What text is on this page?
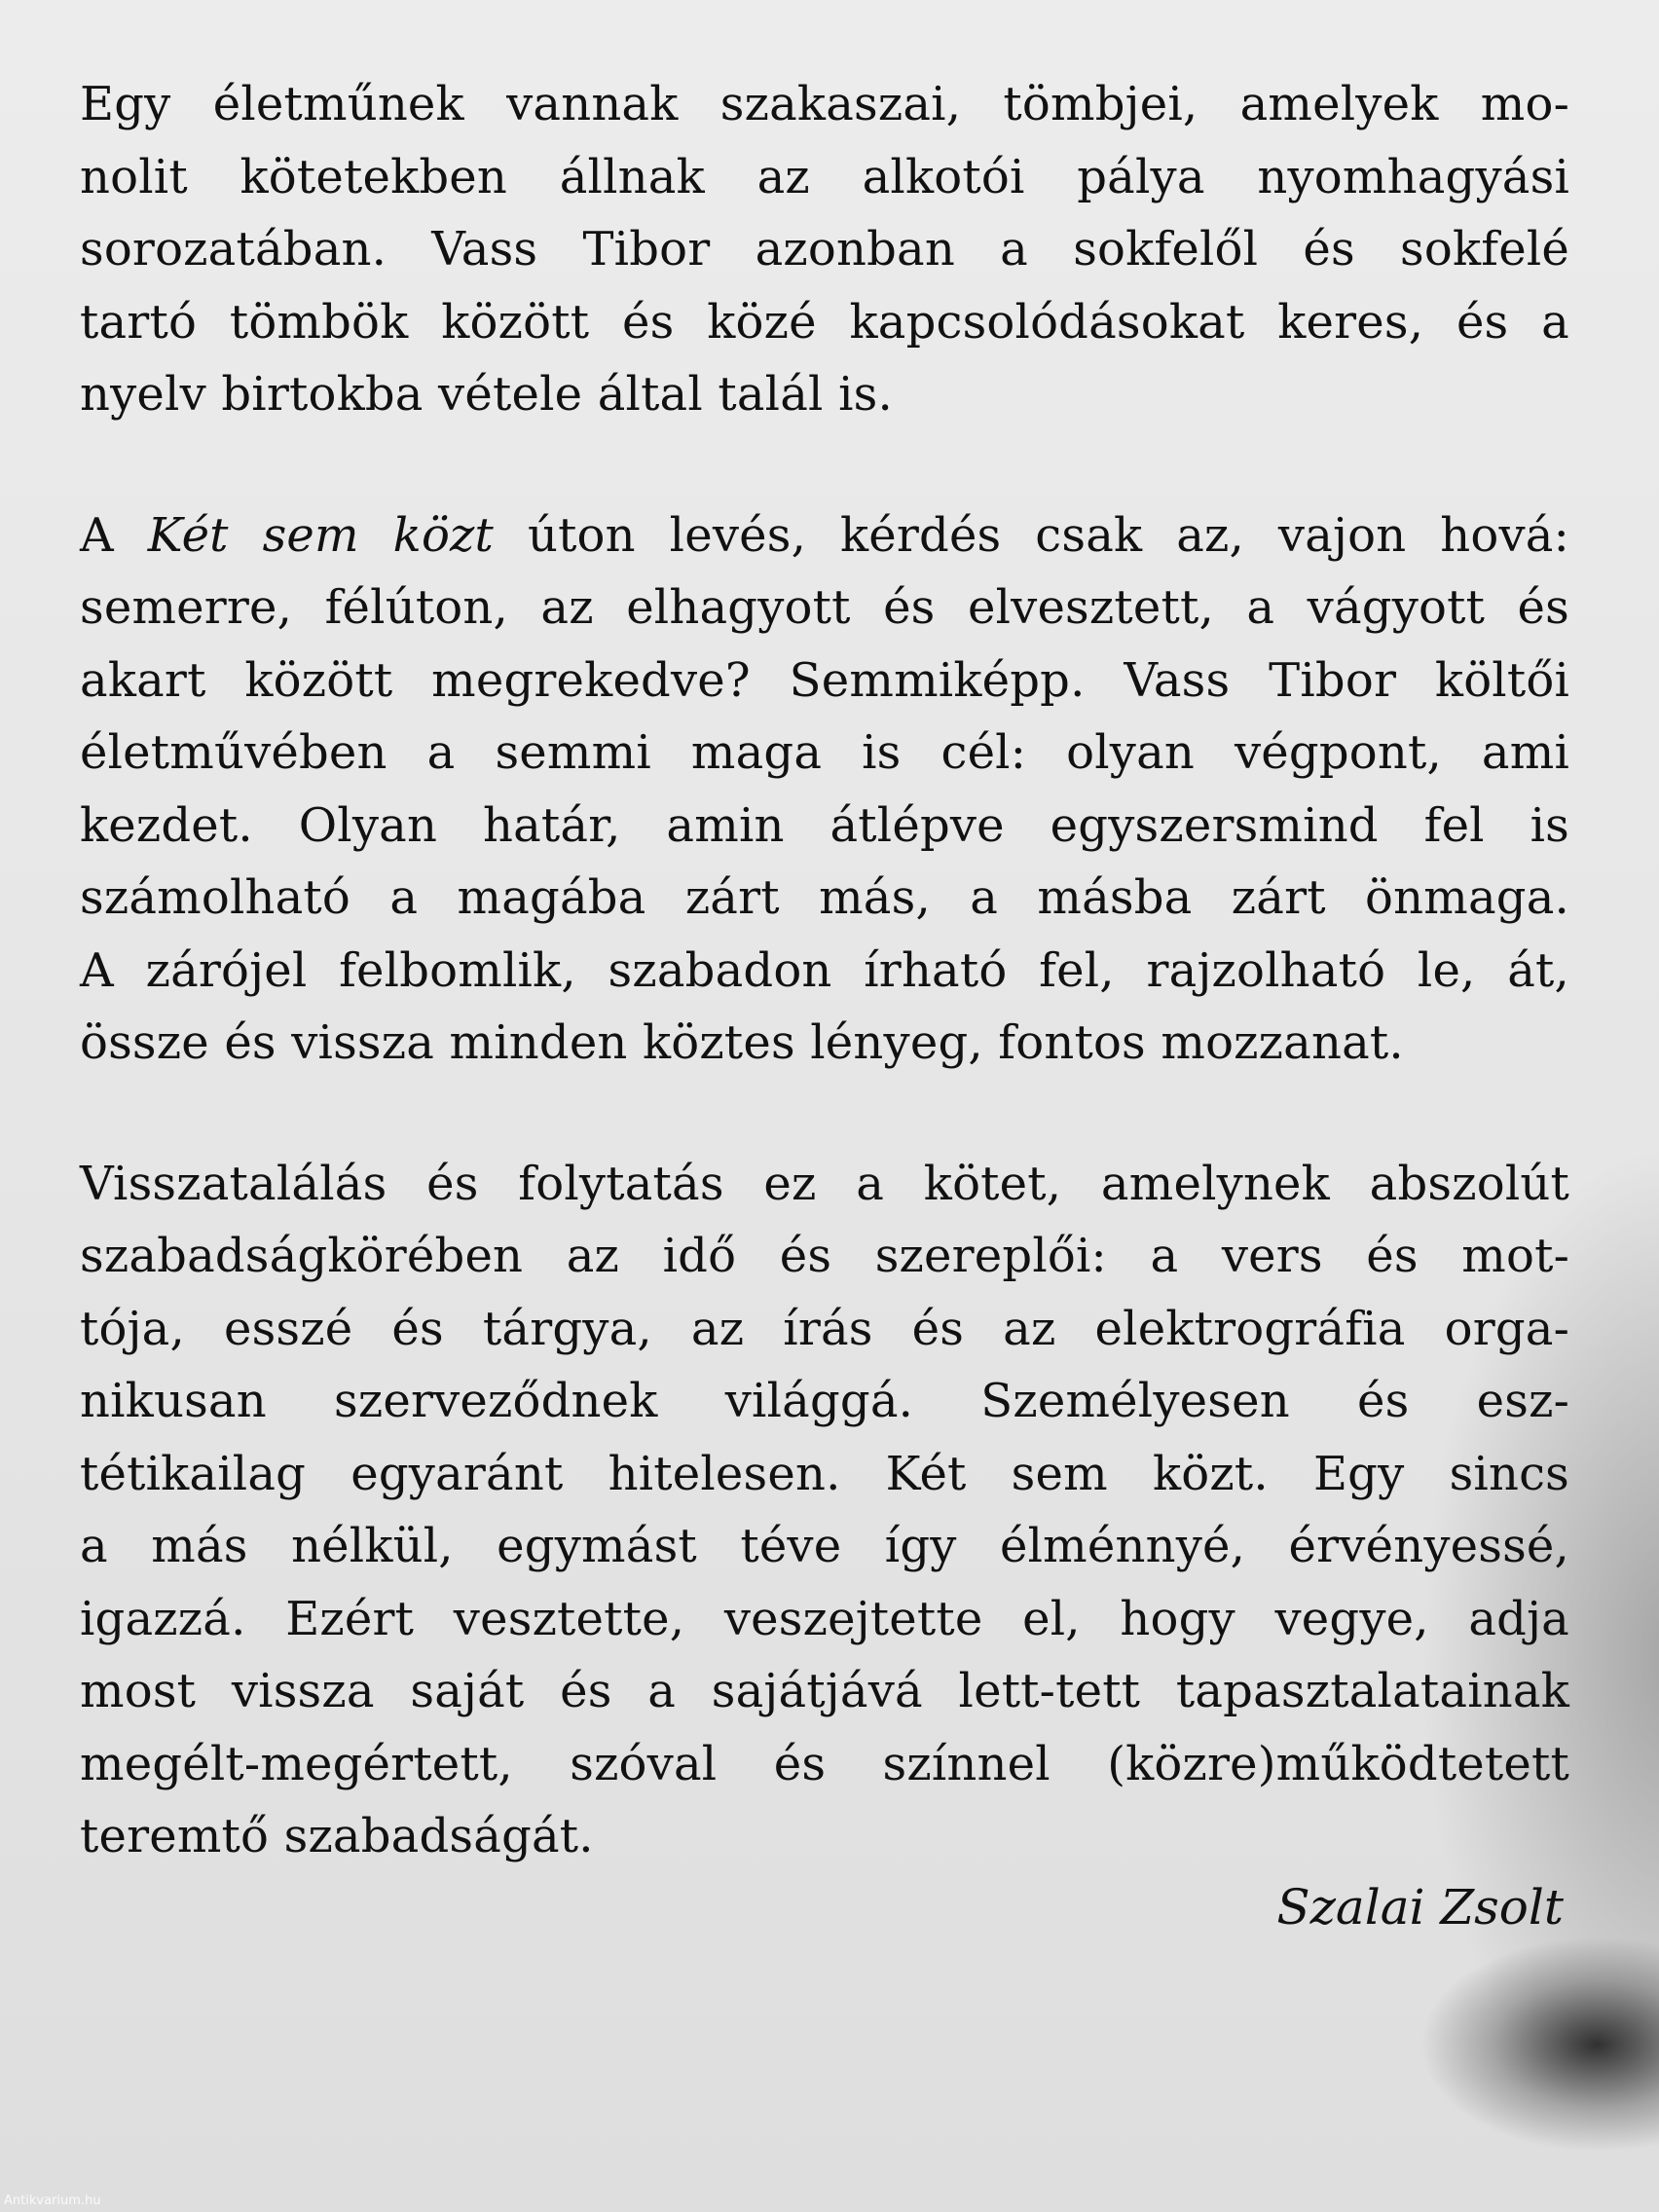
Egy életműnek vannak szakaszai, tömbjei, amelyek mo-
nolit kötetekben állnak az alkotói pálya nyomhagyási
sorozatában. Vass Tibor azonban a sokfelől és sokfelé
tartó tömbök között és közé kapcsolódásokat keres, és a
nyelv birtokba vétele által talál is.
A Két sem közt úton levés, kérdés csak az, vajon hová:
semerre, félúton, az elhagyott és elvesztett, a vágyott és
akart között megrekedve? Semmiképp. Vass Tibor költői
életművében a semmi maga is cél: olyan végpont, ami
kezdet. Olyan határ, amin átlépve egyszersmind fel is
számolható a magába zárt más, a másba zárt önmaga.
A zárójel felbomlik, szabadon írható fel, rajzolható le, át,
össze és vissza minden köztes lényeg, fontos mozzanat.
Visszatalálás és folytatás ez a kötet, amelynek abszolút
szabadságkörében az idő és szereplői: a vers és mot-
tója, esszé és tárgya, az írás és az elektrográfia orga-
nikusan szerveződnek világgá. Személyesen és esz-
tétikailag egyaránt hitelesen. Két sem közt. Egy sincs
a más nélkül, egymást téve így élménnyé, érvényessé,
igazzá. Ezért vesztette, veszejtette el, hogy vegye, adja
most vissza saját és a sajátjává lett-tett tapasztalatainak
megélt-megértett, szóval és színnel (közre)működtetett
teremtő szabadságát.
Szalai Zsolt
Antikvarium.hu
